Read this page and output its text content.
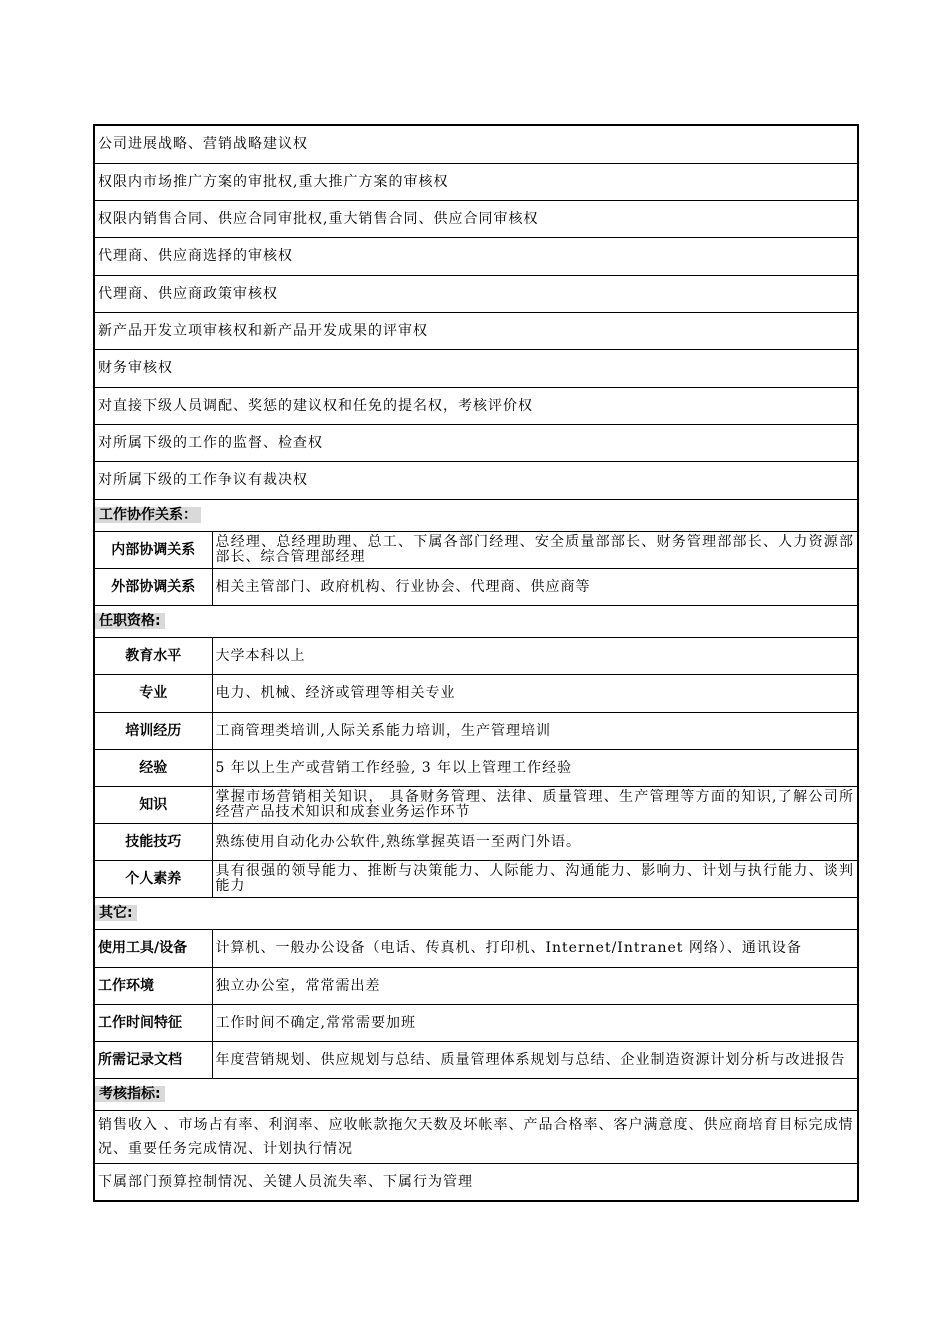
公司进展战略、营销战略建议权	
权限内市场推广方案的审批权,重大推广方案的审核权	
权限内销售合同、供应合同审批权,重大销售合同、供应合同审核权	
代理商、供应商选择的审核权	
代理商、供应商政策审核权	
新产品开发立项审核权和新产品开发成果的评审权	
财务审核权	
对直接下级人员调配、奖惩的建议权和任免的提名权，考核评价权	
对所属下级的工作的监督、检查权	
对所属下级的工作争议有裁决权	
工作协作关系：	
内部协调关系	总经理、总经理助理、总工、下属各部门经理、安全质量部部长、财务管理部部长、人力资源部部长、综合管理部经理
外部协调关系	相关主管部门、政府机构、行业协会、代理商、供应商等
任职资格:	
教育水平	大学本科以上
专业	电力、机械、经济或管理等相关专业
培训经历	工商管理类培训,人际关系能力培训，生产管理培训
经验	5 年以上生产或营销工作经验, 3 年以上管理工作经验
知识	掌握市场营销相关知识， 具备财务管理、法律、质量管理、生产管理等方面的知识,了解公司所经营产品技术知识和成套业务运作环节
技能技巧	熟练使用自动化办公软件,熟练掌握英语一至两门外语。
个人素养	具有很强的领导能力、推断与决策能力、人际能力、沟通能力、影响力、计划与执行能力、谈判能力
其它:	
使用工具/设备	计算机、一般办公设备（电话、传真机、打印机、Internet/Intranet 网络）、通讯设备
工作环境	独立办公室，常常需出差
工作时间特征	工作时间不确定,常常需要加班
所需记录文档	年度营销规划、供应规划与总结、质量管理体系规划与总结、企业制造资源计划分析与改进报告
考核指标:	
销售收入 、市场占有率、利润率、应收帐款拖欠天数及坏帐率、产品合格率、客户满意度、供应商培育目标完成情况、重要任务完成情况、计划执行情况	
下属部门预算控制情况、关键人员流失率、下属行为管理	
